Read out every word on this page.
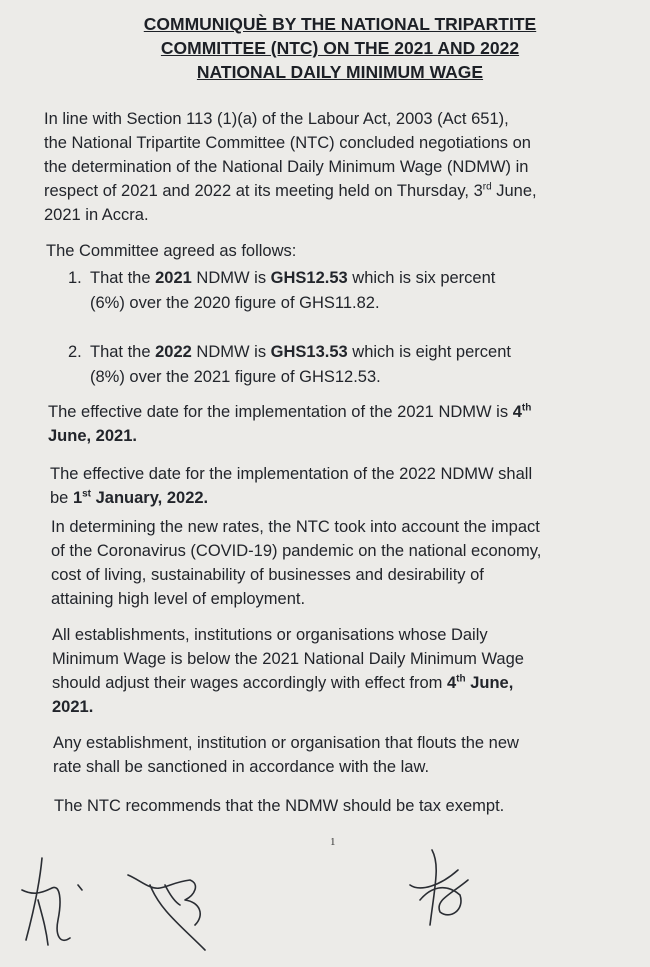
COMMUNIQUÈ BY THE NATIONAL TRIPARTITE
COMMITTEE (NTC) ON THE 2021 AND 2022
NATIONAL DAILY MINIMUM WAGE
In line with Section 113 (1)(a) of the Labour Act, 2003 (Act 651),
the National Tripartite Committee (NTC) concluded negotiations on
the determination of the National Daily Minimum Wage (NDMW) in
respect of 2021 and 2022 at its meeting held on Thursday, 3rd June,
2021 in Accra.
The Committee agreed as follows:
1. That the 2021 NDMW is GHS12.53 which is six percent
(6%) over the 2020 figure of GHS11.82.
2. That the 2022 NDMW is GHS13.53 which is eight percent
(8%) over the 2021 figure of GHS12.53.
The effective date for the implementation of the 2021 NDMW is 4th
June, 2021.
The effective date for the implementation of the 2022 NDMW shall
be 1st January, 2022.
In determining the new rates, the NTC took into account the impact
of the Coronavirus (COVID-19) pandemic on the national economy,
cost of living, sustainability of businesses and desirability of
attaining high level of employment.
All establishments, institutions or organisations whose Daily
Minimum Wage is below the 2021 National Daily Minimum Wage
should adjust their wages accordingly with effect from 4th June,
2021.
Any establishment, institution or organisation that flouts the new
rate shall be sanctioned in accordance with the law.
The NTC recommends that the NDMW should be tax exempt.
1
